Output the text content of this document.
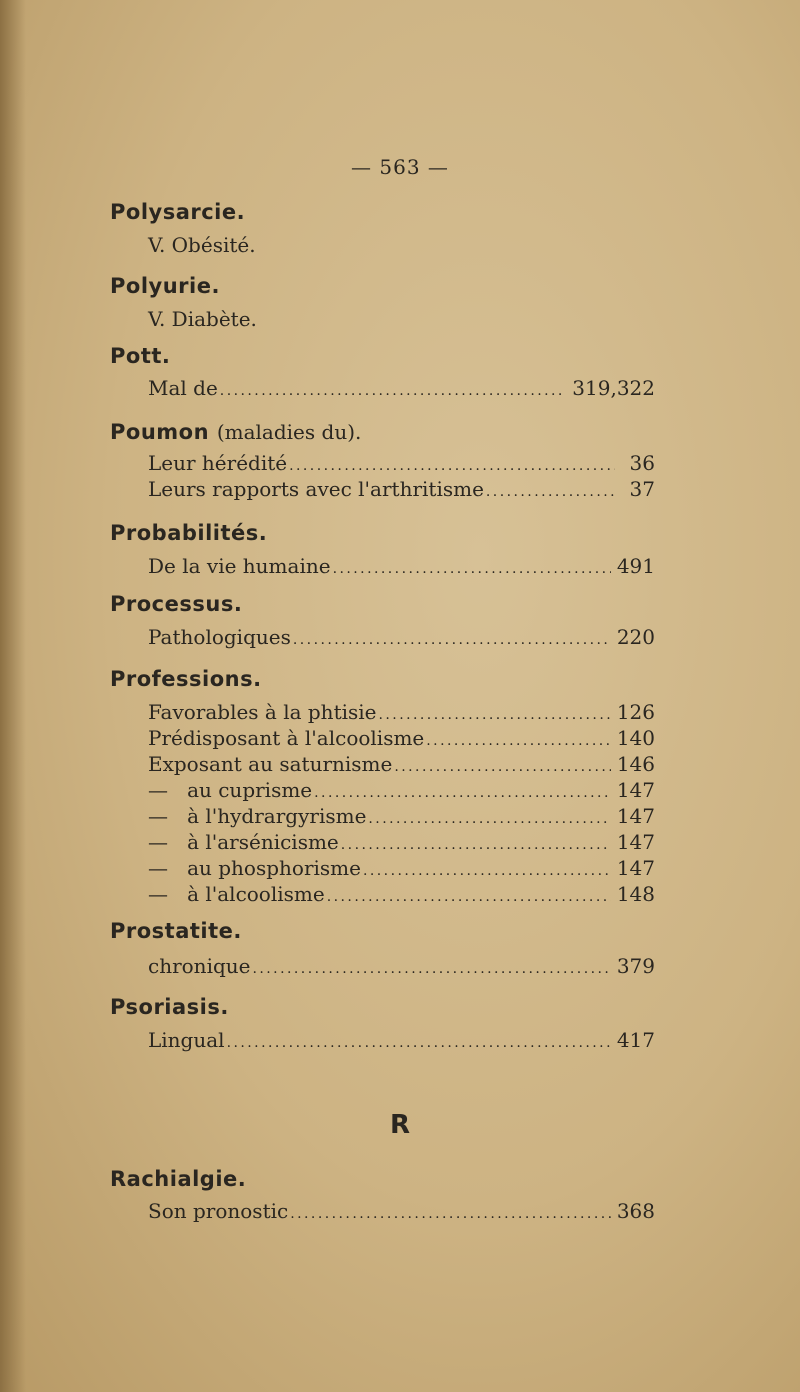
— 563 —
Polysarcie.
V. Obésité.
Polyurie.
V. Diabète.
Pott.
Mal de . . .	319,322
Poumon (maladies du).
Leur hérédité . . .	36
Leurs rapports avec l'arthritisme . . .	37
Probabilités.
De la vie humaine . . .	491
Processus.
Pathologiques . . .	220
Professions.
Favorables à la phtisie . . .	126
Prédisposant à l'alcoolisme . . .	140
Exposant au saturnisme . . .	146
—   au cuprisme . . .	147
—   à l'hydrargyrisme . . .	147
—   à l'arsénicisme . . .	147
—   au phosphorisme . . .	147
—   à l'alcoolisme . . .	148
Prostatite.
chronique . . .	379
Psoriasis.
Lingual . . .	417
R
Rachialgie.
Son pronostic . . .	368
